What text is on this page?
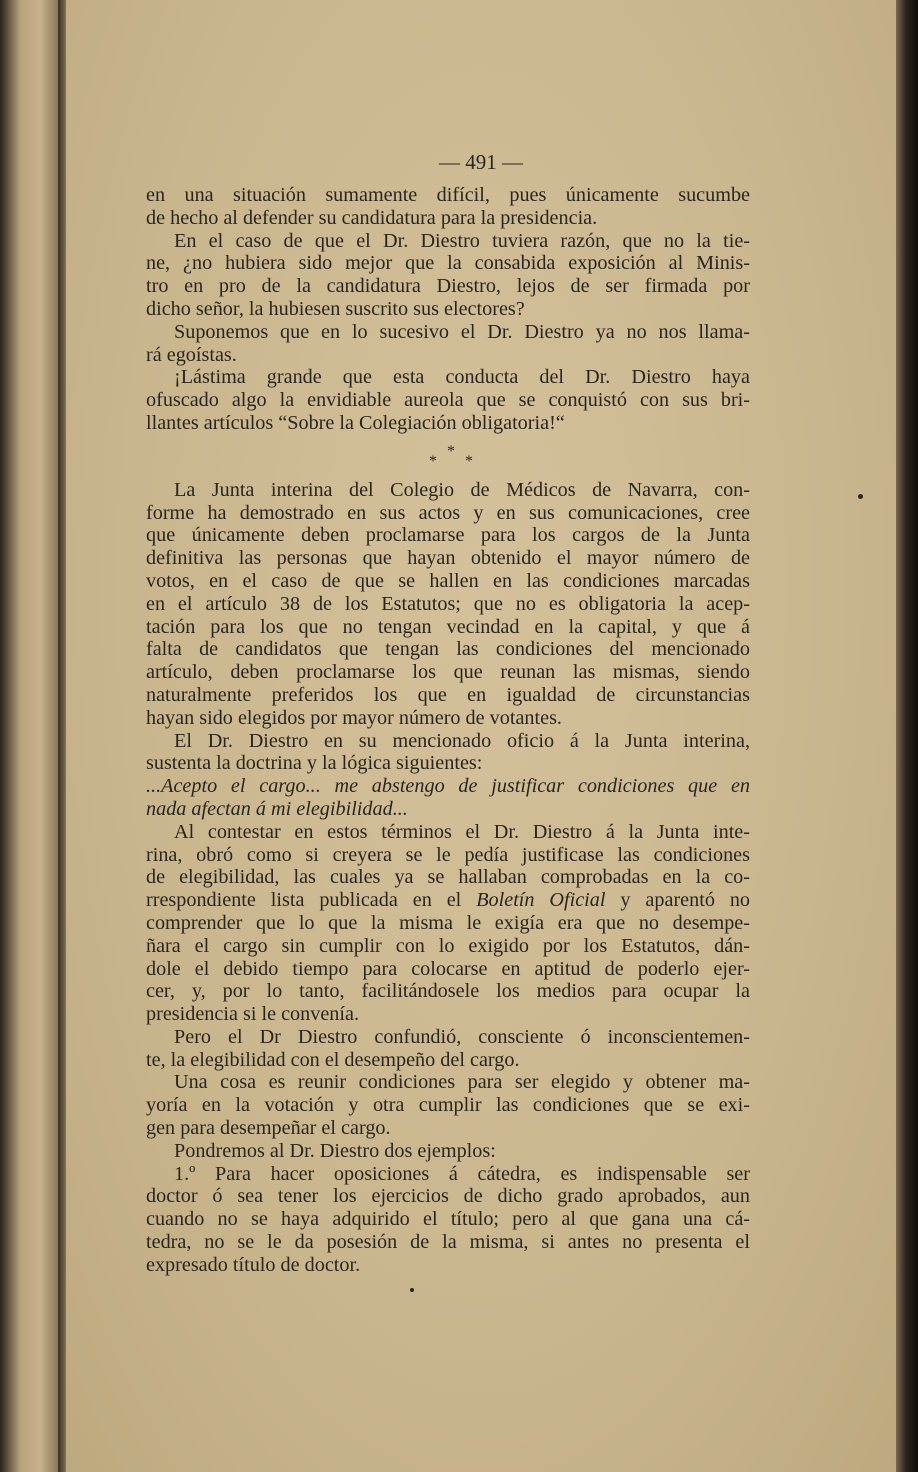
— 491 —
en una situación sumamente difícil, pues únicamente sucumbe
de hecho al defender su candidatura para la presidencia.
En el caso de que el Dr. Diestro tuviera razón, que no la tie-
ne, ¿no hubiera sido mejor que la consabida exposición al Minis-
tro en pro de la candidatura Diestro, lejos de ser firmada por
dicho señor, la hubiesen suscrito sus electores?
Suponemos que en lo sucesivo el Dr. Diestro ya no nos llama-
rá egoístas.
¡Lástima grande que esta conducta del Dr. Diestro haya
ofuscado algo la envidiable aureola que se conquistó con sus bri-
llantes artículos “Sobre la Colegiación obligatoria!“
*
* *
La Junta interina del Colegio de Médicos de Navarra, con-
forme ha demostrado en sus actos y en sus comunicaciones, cree
que únicamente deben proclamarse para los cargos de la Junta
definitiva las personas que hayan obtenido el mayor número de
votos, en el caso de que se hallen en las condiciones marcadas
en el artículo 38 de los Estatutos; que no es obligatoria la acep-
tación para los que no tengan vecindad en la capital, y que á
falta de candidatos que tengan las condiciones del mencionado
artículo, deben proclamarse los que reunan las mismas, siendo
naturalmente preferidos los que en igualdad de circunstancias
hayan sido elegidos por mayor número de votantes.
El Dr. Diestro en su mencionado oficio á la Junta interina,
sustenta la doctrina y la lógica siguientes:
...Acepto el cargo... me abstengo de justificar condiciones que en
nada afectan á mi elegibilidad...
Al contestar en estos términos el Dr. Diestro á la Junta inte-
rina, obró como si creyera se le pedía justificase las condiciones
de elegibilidad, las cuales ya se hallaban comprobadas en la co-
rrespondiente lista publicada en el Boletín Oficial y aparentó no
comprender que lo que la misma le exigía era que no desempe-
ñara el cargo sin cumplir con lo exigido por los Estatutos, dán-
dole el debido tiempo para colocarse en aptitud de poderlo ejer-
cer, y, por lo tanto, facilitándosele los medios para ocupar la
presidencia si le convenía.
Pero el Dr Diestro confundió, consciente ó inconscientemen-
te, la elegibilidad con el desempeño del cargo.
Una cosa es reunir condiciones para ser elegido y obtener ma-
yoría en la votación y otra cumplir las condiciones que se exi-
gen para desempeñar el cargo.
Pondremos al Dr. Diestro dos ejemplos:
1.º Para hacer oposiciones á cátedra, es indispensable ser
doctor ó sea tener los ejercicios de dicho grado aprobados, aun
cuando no se haya adquirido el título; pero al que gana una cá-
tedra, no se le da posesión de la misma, si antes no presenta el
expresado título de doctor.
